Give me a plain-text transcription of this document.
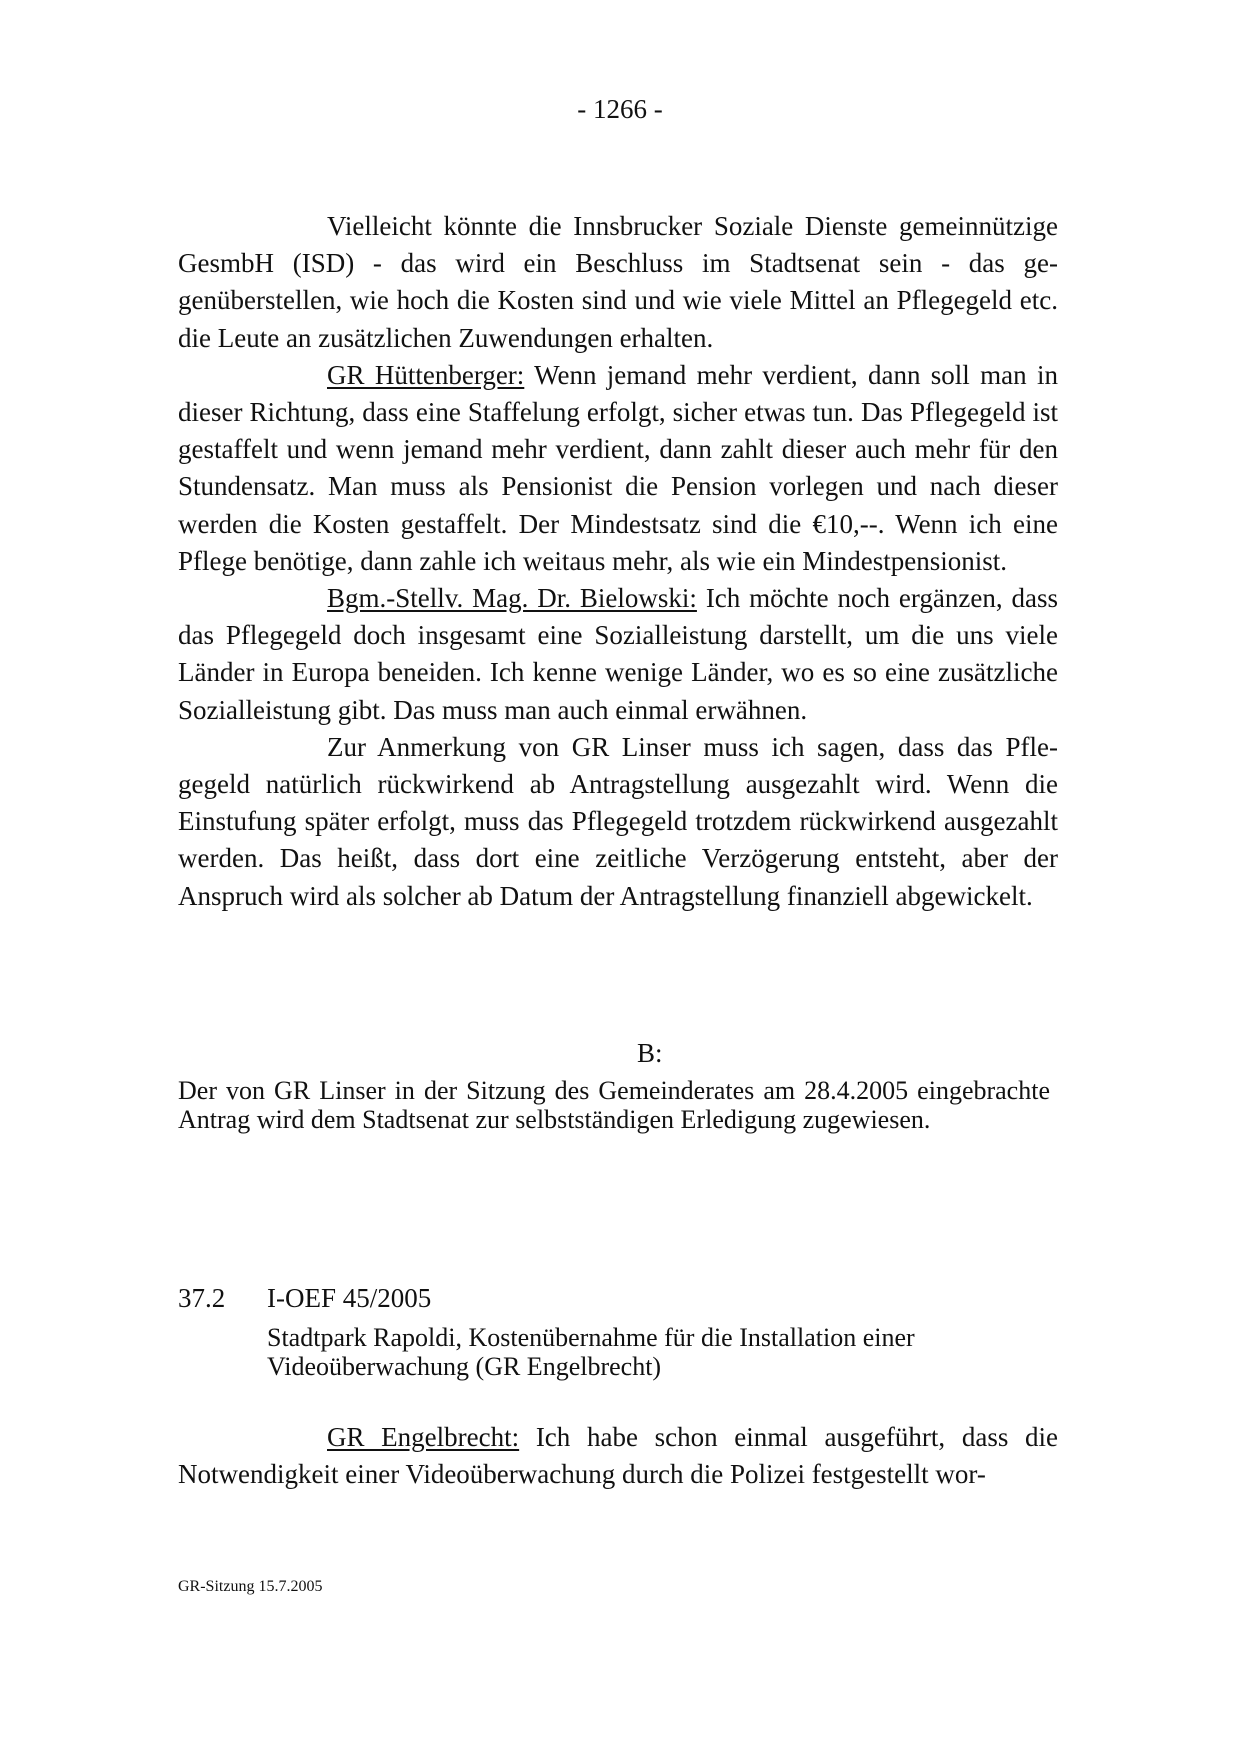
- 1266 -

Vielleicht könnte die Innsbrucker Soziale Dienste gemeinnützige GesmbH (ISD) - das wird ein Beschluss im Stadtsenat sein - das gegenüberstellen, wie hoch die Kosten sind und wie viele Mittel an Pflegegeld etc. die Leute an zusätzlichen Zuwendungen erhalten.

GR Hüttenberger: Wenn jemand mehr verdient, dann soll man in dieser Richtung, dass eine Staffelung erfolgt, sicher etwas tun. Das Pflegegeld ist gestaffelt und wenn jemand mehr verdient, dann zahlt dieser auch mehr für den Stundensatz. Man muss als Pensionist die Pension vorlegen und nach dieser werden die Kosten gestaffelt. Der Mindestsatz sind die €10,--. Wenn ich eine Pflege benötige, dann zahle ich weitaus mehr, als wie ein Mindestpensionist.

Bgm.-Stellv. Mag. Dr. Bielowski: Ich möchte noch ergänzen, dass das Pflegegeld doch insgesamt eine Sozialleistung darstellt, um die uns viele Länder in Europa beneiden. Ich kenne wenige Länder, wo es so eine zusätzliche Sozialleistung gibt. Das muss man auch einmal erwähnen.

Zur Anmerkung von GR Linser muss ich sagen, dass das Pflegegeld natürlich rückwirkend ab Antragstellung ausgezahlt wird. Wenn die Einstufung später erfolgt, muss das Pflegegeld trotzdem rückwirkend ausgezahlt werden. Das heißt, dass dort eine zeitliche Verzögerung entsteht, aber der Anspruch wird als solcher ab Datum der Antragstellung finanziell abgewickelt.

B:

Der von GR Linser in der Sitzung des Gemeinderates am 28.4.2005 eingebrachte Antrag wird dem Stadtsenat zur selbstständigen Erledigung zugewiesen.

37.2 I-OEF 45/2005

Stadtpark Rapoldi, Kostenübernahme für die Installation einer Videoüberwachung (GR Engelbrecht)

GR Engelbrecht: Ich habe schon einmal ausgeführt, dass die Notwendigkeit einer Videoüberwachung durch die Polizei festgestellt wor-

GR-Sitzung 15.7.2005
